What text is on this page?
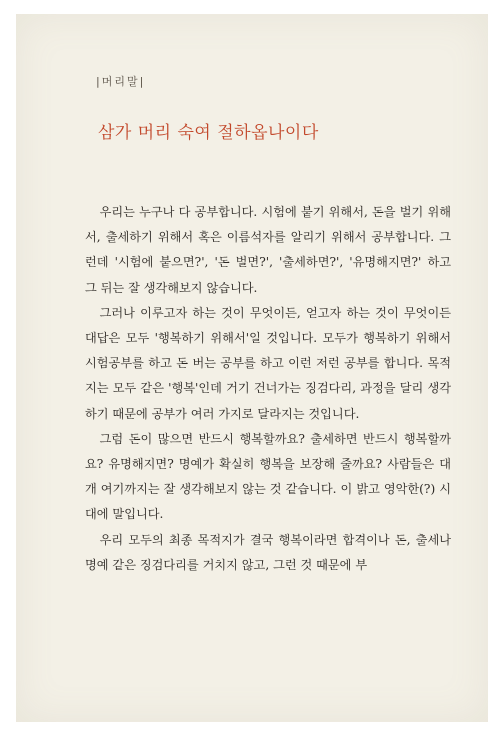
|머리말|
삼가 머리 숙여 절하옵나이다

우리는 누구나 다 공부합니다. 시험에 붙기 위해서, 돈을 벌기 위해서, 출세하기 위해서 혹은 이름석자를 알리기 위해서 공부합니다. 그런데 '시험에 붙으면?', '돈 벌면?', '출세하면?', '유명해지면?' 하고 그 뒤는 잘 생각해보지 않습니다.

그러나 이루고자 하는 것이 무엇이든, 얻고자 하는 것이 무엇이든 대답은 모두 '행복하기 위해서'일 것입니다. 모두가 행복하기 위해서 시험공부를 하고 돈 버는 공부를 하고 이런 저런 공부를 합니다. 목적지는 모두 같은 '행복'인데 거기 건너가는 징검다리, 과정을 달리 생각하기 때문에 공부가 여러 가지로 달라지는 것입니다.

그럼 돈이 많으면 반드시 행복할까요? 출세하면 반드시 행복할까요? 유명해지면? 명예가 확실히 행복을 보장해 줄까요? 사람들은 대개 여기까지는 잘 생각해보지 않는 것 같습니다. 이 밝고 영악한(?) 시대에 말입니다.

우리 모두의 최종 목적지가 결국 행복이라면 합격이나 돈, 출세나 명예 같은 징검다리를 거치지 않고, 그런 것 때문에 부
